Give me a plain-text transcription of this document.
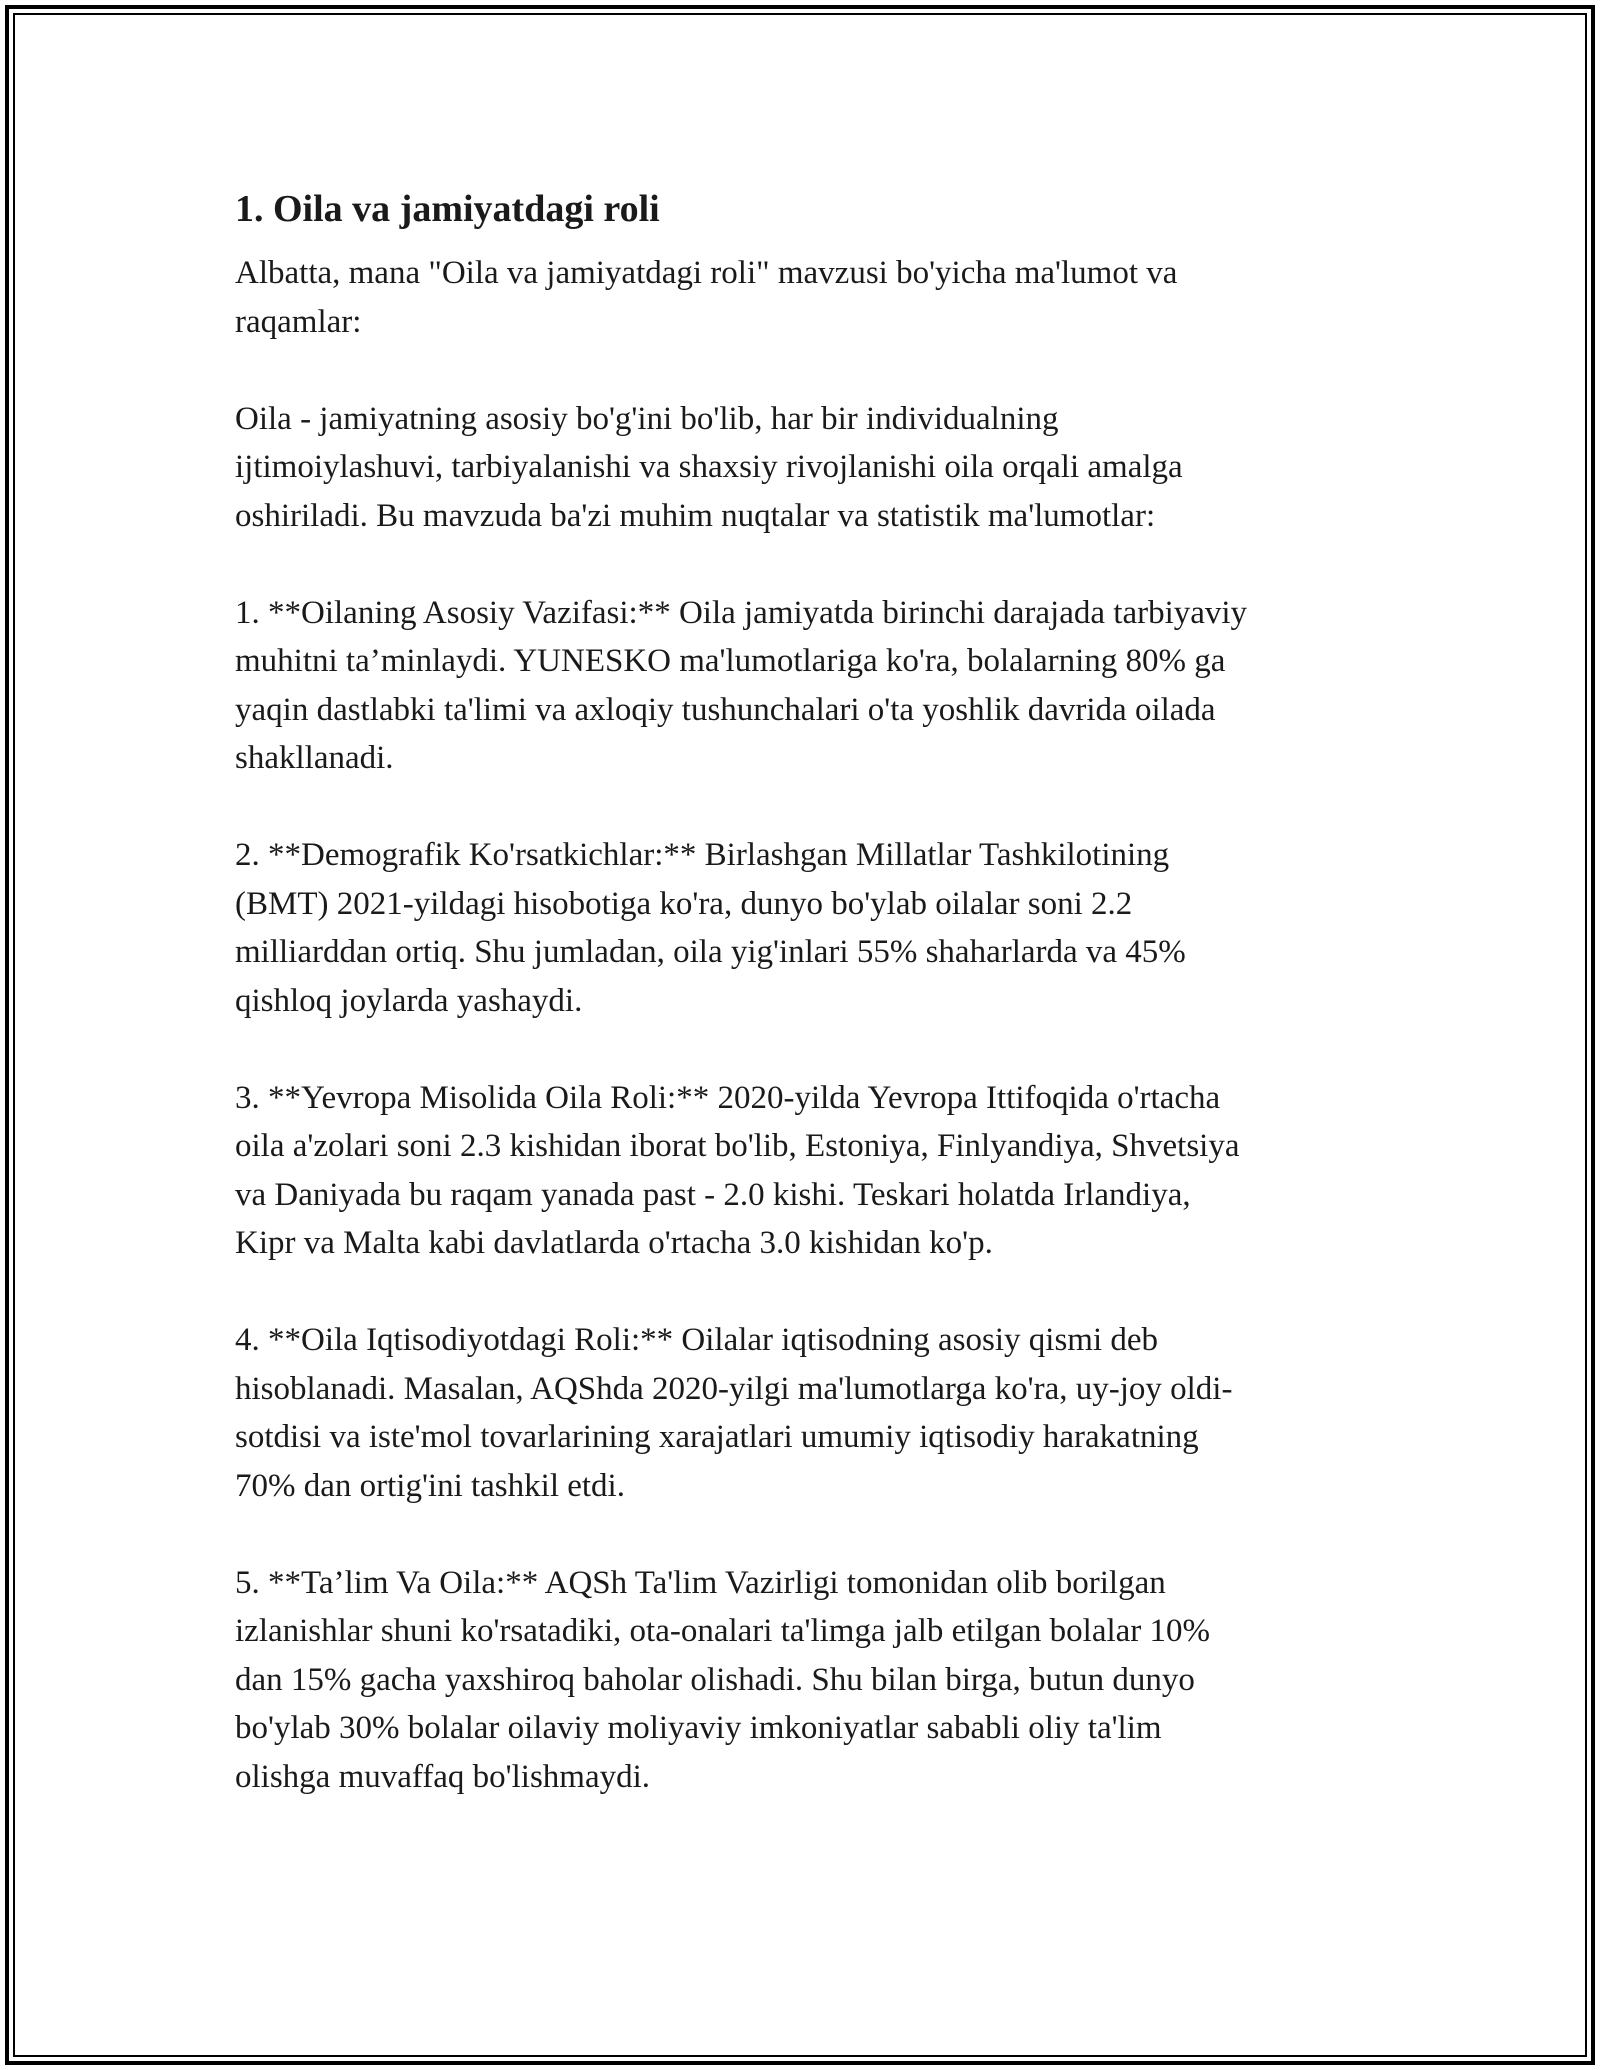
1. Oila va jamiyatdagi roli

Albatta, mana "Oila va jamiyatdagi roli" mavzusi bo'yicha ma'lumot va
raqamlar:

Oila - jamiyatning asosiy bo'g'ini bo'lib, har bir individualning
ijtimoiylashuvi, tarbiyalanishi va shaxsiy rivojlanishi oila orqali amalga
oshiriladi. Bu mavzuda ba'zi muhim nuqtalar va statistik ma'lumotlar:

1. **Oilaning Asosiy Vazifasi:** Oila jamiyatda birinchi darajada tarbiyaviy
muhitni ta’minlaydi. YUNESKO ma'lumotlariga ko'ra, bolalarning 80% ga
yaqin dastlabki ta'limi va axloqiy tushunchalari o'ta yoshlik davrida oilada
shakllanadi.

2. **Demografik Ko'rsatkichlar:** Birlashgan Millatlar Tashkilotining
(BMT) 2021-yildagi hisobotiga ko'ra, dunyo bo'ylab oilalar soni 2.2
milliarddan ortiq. Shu jumladan, oila yig'inlari 55% shaharlarda va 45%
qishloq joylarda yashaydi.

3. **Yevropa Misolida Oila Roli:** 2020-yilda Yevropa Ittifoqida o'rtacha
oila a'zolari soni 2.3 kishidan iborat bo'lib, Estoniya, Finlyandiya, Shvetsiya
va Daniyada bu raqam yanada past - 2.0 kishi. Teskari holatda Irlandiya,
Kipr va Malta kabi davlatlarda o'rtacha 3.0 kishidan ko'p.

4. **Oila Iqtisodiyotdagi Roli:** Oilalar iqtisodning asosiy qismi deb
hisoblanadi. Masalan, AQShda 2020-yilgi ma'lumotlarga ko'ra, uy-joy oldi-
sotdisi va iste'mol tovarlarining xarajatlari umumiy iqtisodiy harakatning
70% dan ortig'ini tashkil etdi.

5. **Ta’lim Va Oila:** AQSh Ta'lim Vazirligi tomonidan olib borilgan
izlanishlar shuni ko'rsatadiki, ota-onalari ta'limga jalb etilgan bolalar 10%
dan 15% gacha yaxshiroq baholar olishadi. Shu bilan birga, butun dunyo
bo'ylab 30% bolalar oilaviy moliyaviy imkoniyatlar sababli oliy ta'lim
olishga muvaffaq bo'lishmaydi.
